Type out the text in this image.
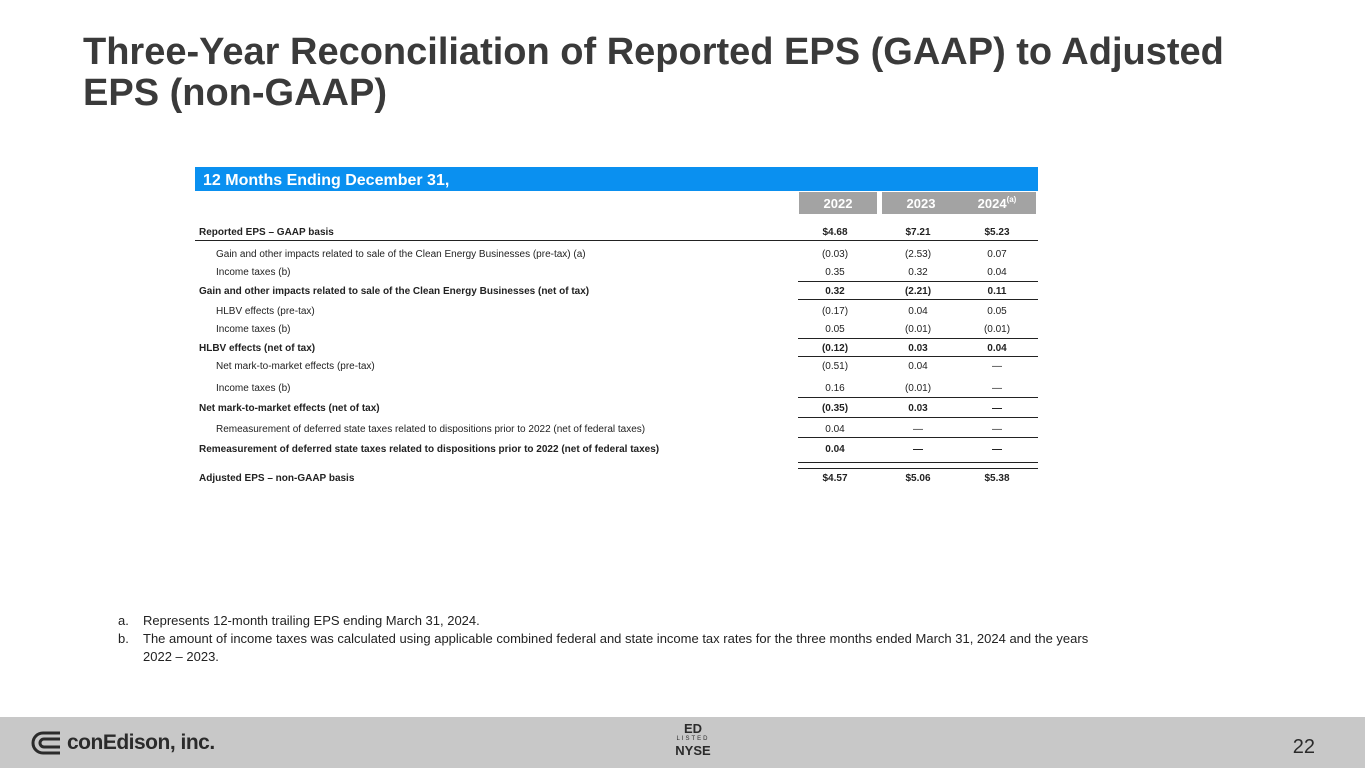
Three-Year Reconciliation of Reported EPS (GAAP) to Adjusted EPS (non-GAAP)
12 Months Ending December 31,
2022	2023	2024$^{(a)}$
Reported EPS – GAAP basis	$4.68	$7.21	$5.23
Gain and other impacts related to sale of the Clean Energy Businesses (pre-tax) (a)	(0.03)	(2.53)	0.07
Income taxes (b)	0.35	0.32	0.04
Gain and other impacts related to sale of the Clean Energy Businesses (net of tax)	0.32	(2.21)	0.11
HLBV effects (pre-tax)	(0.17)	0.04	0.05
Income taxes (b)	0.05	(0.01)	(0.01)
HLBV effects (net of tax)	(0.12)	0.03	0.04
Net mark-to-market effects (pre-tax)	(0.51)	0.04	—
Income taxes (b)	0.16	(0.01)	—
Net mark-to-market effects (net of tax)	(0.35)	0.03	—
Remeasurement of deferred state taxes related to dispositions prior to 2022 (net of federal taxes)	0.04	—	—
Remeasurement of deferred state taxes related to dispositions prior to 2022 (net of federal taxes)	0.04	—	—
Adjusted EPS – non-GAAP basis	$4.57	$5.06	$5.38
a. Represents 12-month trailing EPS ending March 31, 2024.
b. The amount of income taxes was calculated using applicable combined federal and state income tax rates for the three months ended March 31, 2024 and the years 2022 – 2023.
conEdison, inc.
ED
LISTED
NYSE	22
